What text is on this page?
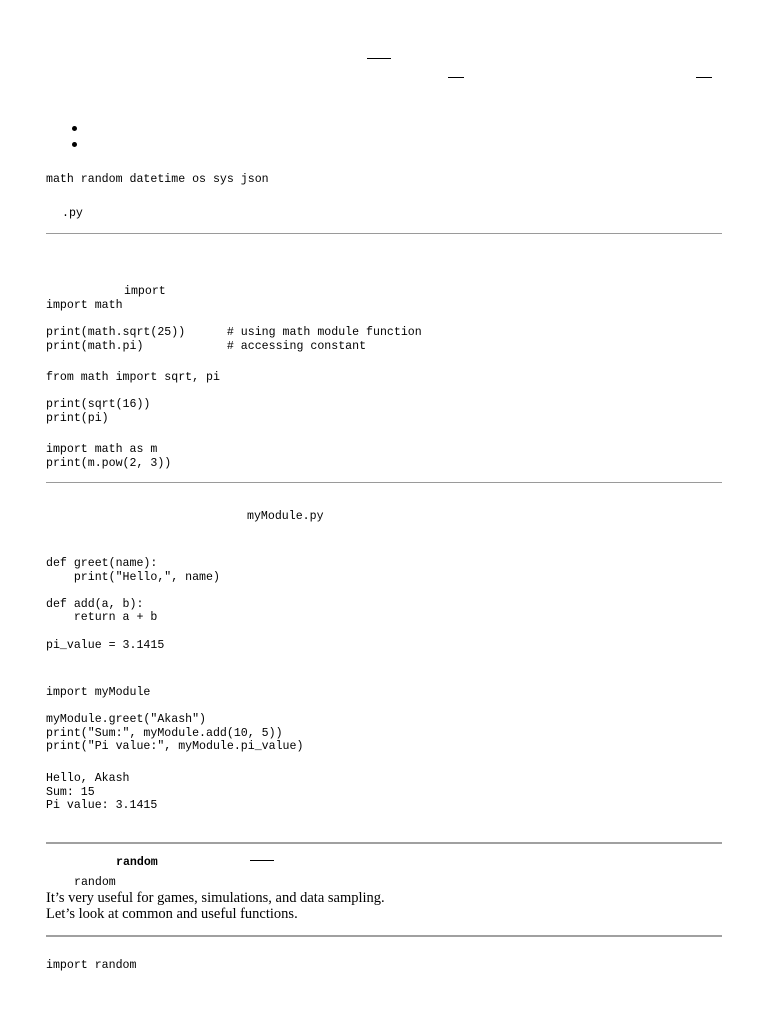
math random datetime os sys json
.py
import
import math

print(math.sqrt(25))      # using math module function
print(math.pi)            # accessing constant
from math import sqrt, pi

print(sqrt(16))
print(pi)
import math as m
print(m.pow(2, 3))
myModule.py
def greet(name):
print("Hello,", name)

def add(a, b):
return a + b

pi_value = 3.1415
import myModule

myModule.greet("Akash")
print("Sum:", myModule.add(10, 5))
print("Pi value:", myModule.pi_value)
Hello, Akash
Sum: 15
Pi value: 3.1415
random
random
It’s very useful for games, simulations, and data sampling.
Let’s look at common and useful functions.
import random
